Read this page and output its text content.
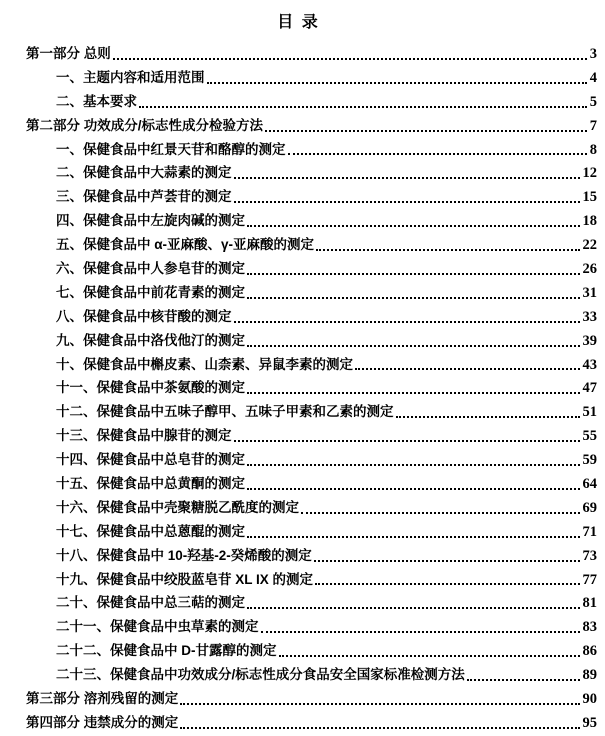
目 录
第一部分 总则	3
一、主题内容和适用范围	4
二、基本要求	5
第二部分 功效成分/标志性成分检验方法	7
一、保健食品中红景天苷和酪醇的测定	8
二、保健食品中大蒜素的测定	12
三、保健食品中芦荟苷的测定	15
四、保健食品中左旋肉碱的测定	18
五、保健食品中 α-亚麻酸、γ-亚麻酸的测定	22
六、保健食品中人参皂苷的测定	26
七、保健食品中前花青素的测定	31
八、保健食品中核苷酸的测定	33
九、保健食品中洛伐他汀的测定	39
十、保健食品中槲皮素、山柰素、异鼠李素的测定	43
十一、保健食品中茶氨酸的测定	47
十二、保健食品中五味子醇甲、五味子甲素和乙素的测定	51
十三、保健食品中腺苷的测定	55
十四、保健食品中总皂苷的测定	59
十五、保健食品中总黄酮的测定	64
十六、保健食品中壳聚糖脱乙酰度的测定	69
十七、保健食品中总蒽醌的测定	71
十八、保健食品中 10-羟基-2-癸烯酸的测定	73
十九、保健食品中绞股蓝皂苷 XL IX 的测定	77
二十、保健食品中总三萜的测定	81
二十一、保健食品中虫草素的测定	83
二十二、保健食品中 D-甘露醇的测定	86
二十三、保健食品中功效成分/标志性成分食品安全国家标准检测方法	89
第三部分 溶剂残留的测定	90
第四部分 违禁成分的测定	95
